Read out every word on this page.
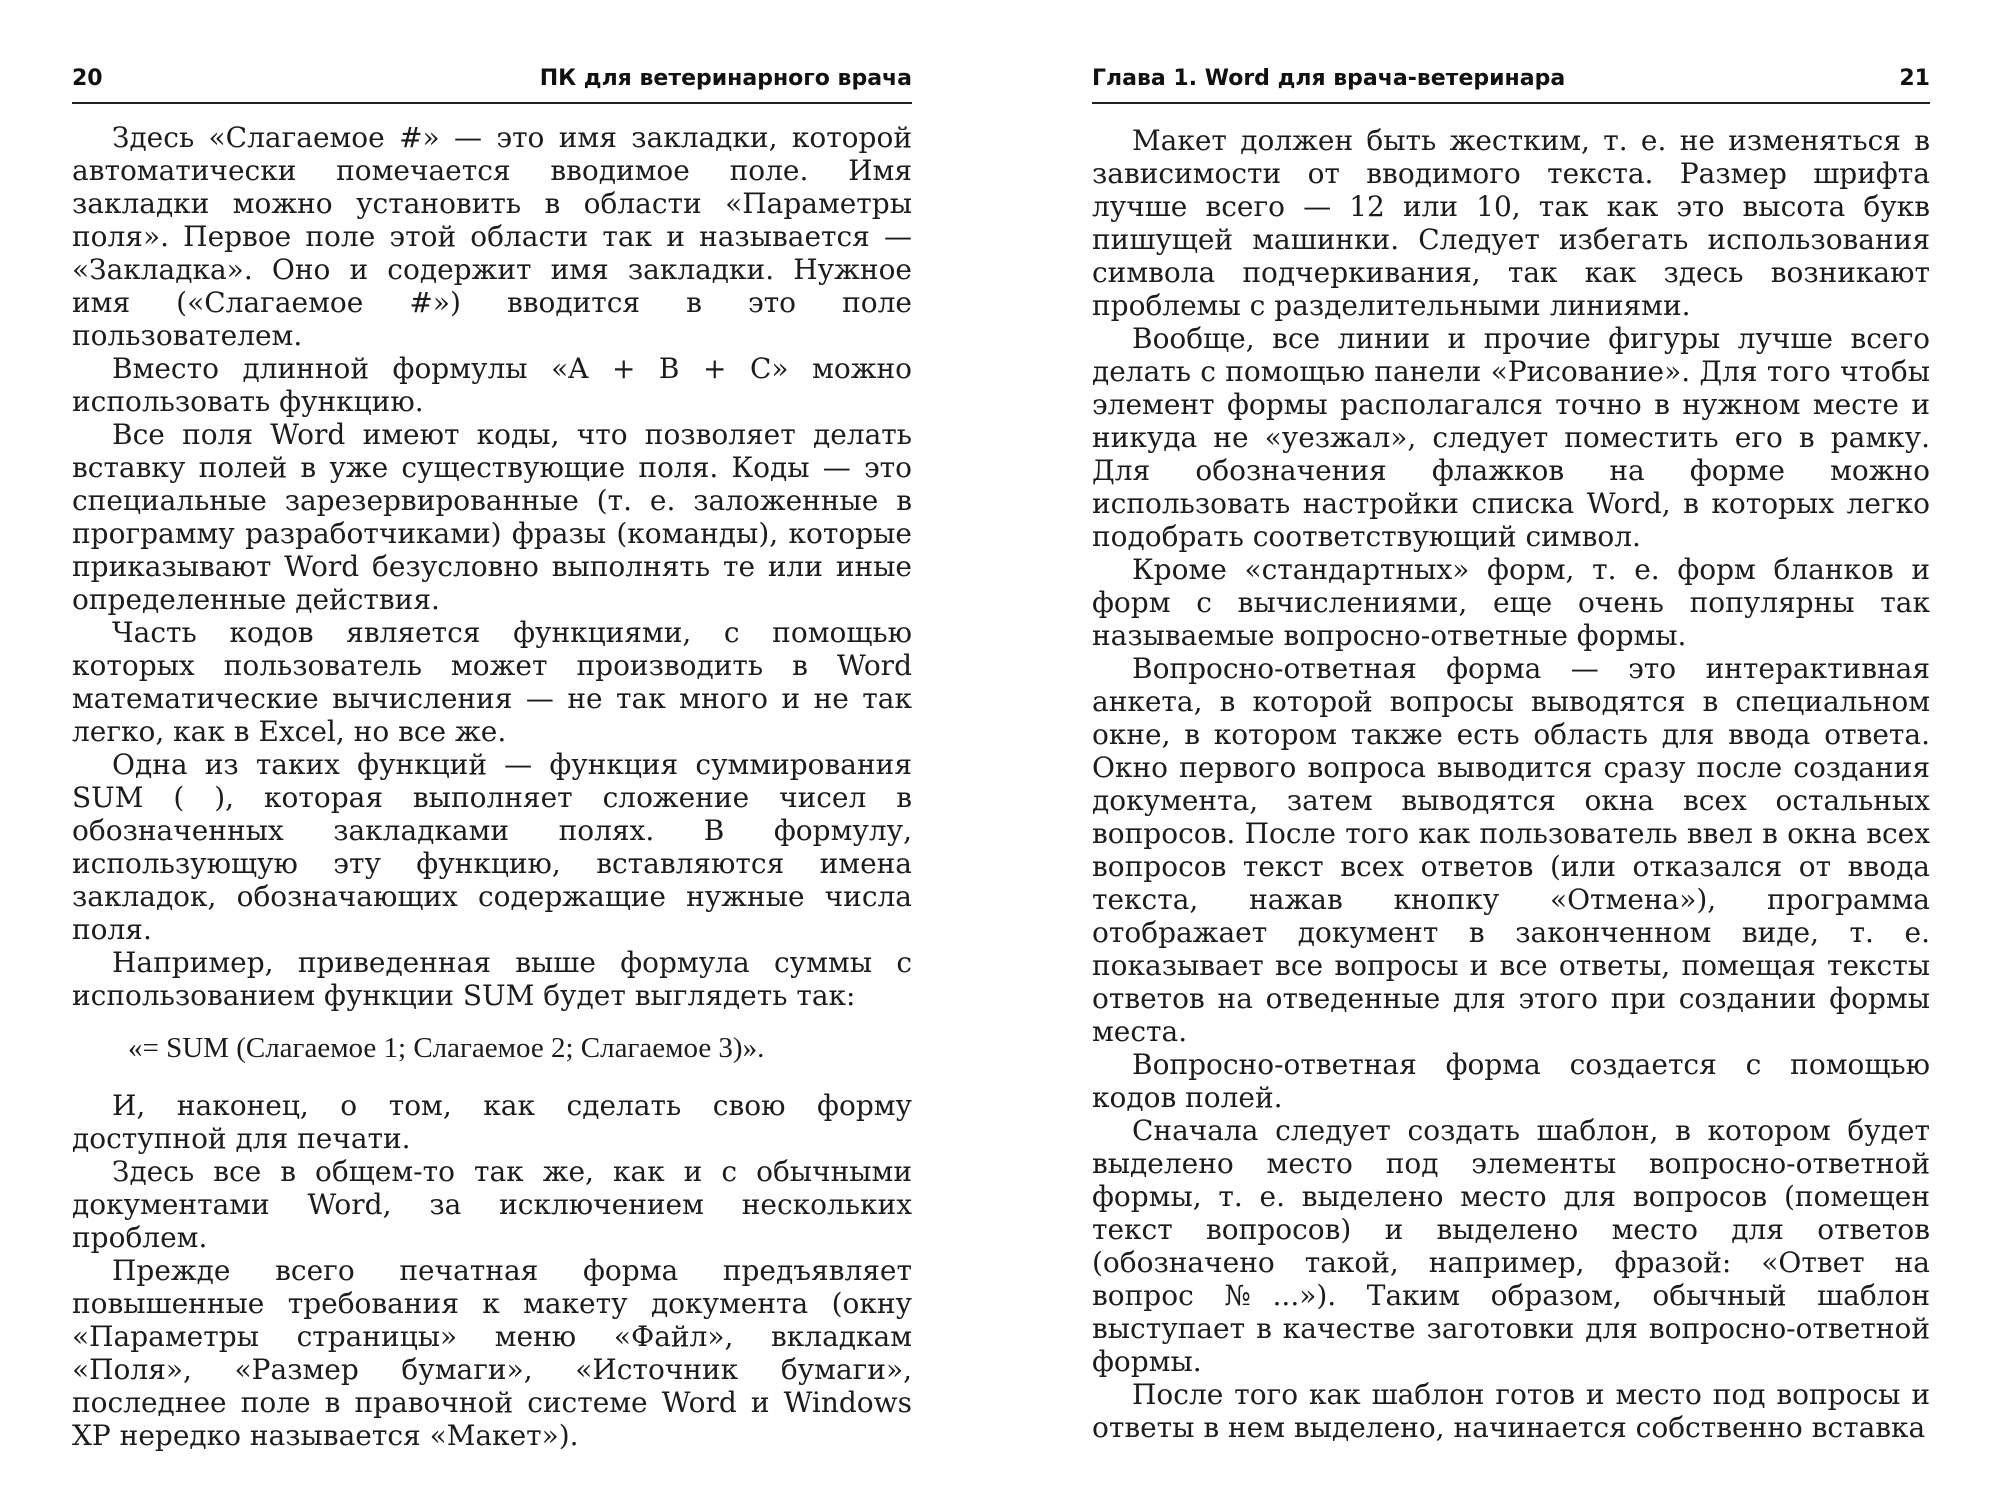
20	ПК для ветеринарного врача

Здесь «Слагаемое #» — это имя закладки, которой автоматически помечается вводимое поле. Имя закладки можно установить в области «Параметры поля». Первое поле этой области так и называется — «Закладка». Оно и содержит имя закладки. Нужное имя («Слагаемое #») вводится в это поле пользователем.

Вместо длинной формулы «A + B + C» можно использовать функцию.

Все поля Word имеют коды, что позволяет делать вставку полей в уже существующие поля. Коды — это специальные зарезервированные (т. е. заложенные в программу разработчиками) фразы (команды), которые приказывают Word безусловно выполнять те или иные определенные действия.

Часть кодов является функциями, с помощью которых пользователь может производить в Word математические вычисления — не так много и не так легко, как в Excel, но все же.

Одна из таких функций — функция суммирования SUM ( ), которая выполняет сложение чисел в обозначенных закладками полях. В формулу, использующую эту функцию, вставляются имена закладок, обозначающих содержащие нужные числа поля.

Например, приведенная выше формула суммы с использованием функции SUM будет выглядеть так:

«= SUM (Слагаемое 1; Слагаемое 2; Слагаемое 3)».

И, наконец, о том, как сделать свою форму доступной для печати.

Здесь все в общем-то так же, как и с обычными документами Word, за исключением нескольких проблем.

Прежде всего печатная форма предъявляет повышенные требования к макету документа (окну «Параметры страницы» меню «Файл», вкладкам «Поля», «Размер бумаги», «Источник бумаги», последнее поле в правочной системе Word и Windows XP нередко называется «Макет»).

Глава 1. Word для врача-ветеринара	21

Макет должен быть жестким, т. е. не изменяться в зависимости от вводимого текста. Размер шрифта лучше всего — 12 или 10, так как это высота букв пишущей машинки. Следует избегать использования символа подчеркивания, так как здесь возникают проблемы с разделительными линиями.

Вообще, все линии и прочие фигуры лучше всего делать с помощью панели «Рисование». Для того чтобы элемент формы располагался точно в нужном месте и никуда не «уезжал», следует поместить его в рамку. Для обозначения флажков на форме можно использовать настройки списка Word, в которых легко подобрать соответствующий символ.

Кроме «стандартных» форм, т. е. форм бланков и форм с вычислениями, еще очень популярны так называемые вопросно-ответные формы.

Вопросно-ответная форма — это интерактивная анкета, в которой вопросы выводятся в специальном окне, в котором также есть область для ввода ответа. Окно первого вопроса выводится сразу после создания документа, затем выводятся окна всех остальных вопросов. После того как пользователь ввел в окна всех вопросов текст всех ответов (или отказался от ввода текста, нажав кнопку «Отмена»), программа отображает документ в законченном виде, т. е. показывает все вопросы и все ответы, помещая тексты ответов на отведенные для этого при создании формы места.

Вопросно-ответная форма создается с помощью кодов полей.

Сначала следует создать шаблон, в котором будет выделено место под элементы вопросно-ответной формы, т. е. выделено место для вопросов (помещен текст вопросов) и выделено место для ответов (обозначено такой, например, фразой: «Ответ на вопрос №...»). Таким образом, обычный шаблон выступает в качестве заготовки для вопросно-ответной формы.

После того как шаблон готов и место под вопросы и ответы в нем выделено, начинается собственно вставка
